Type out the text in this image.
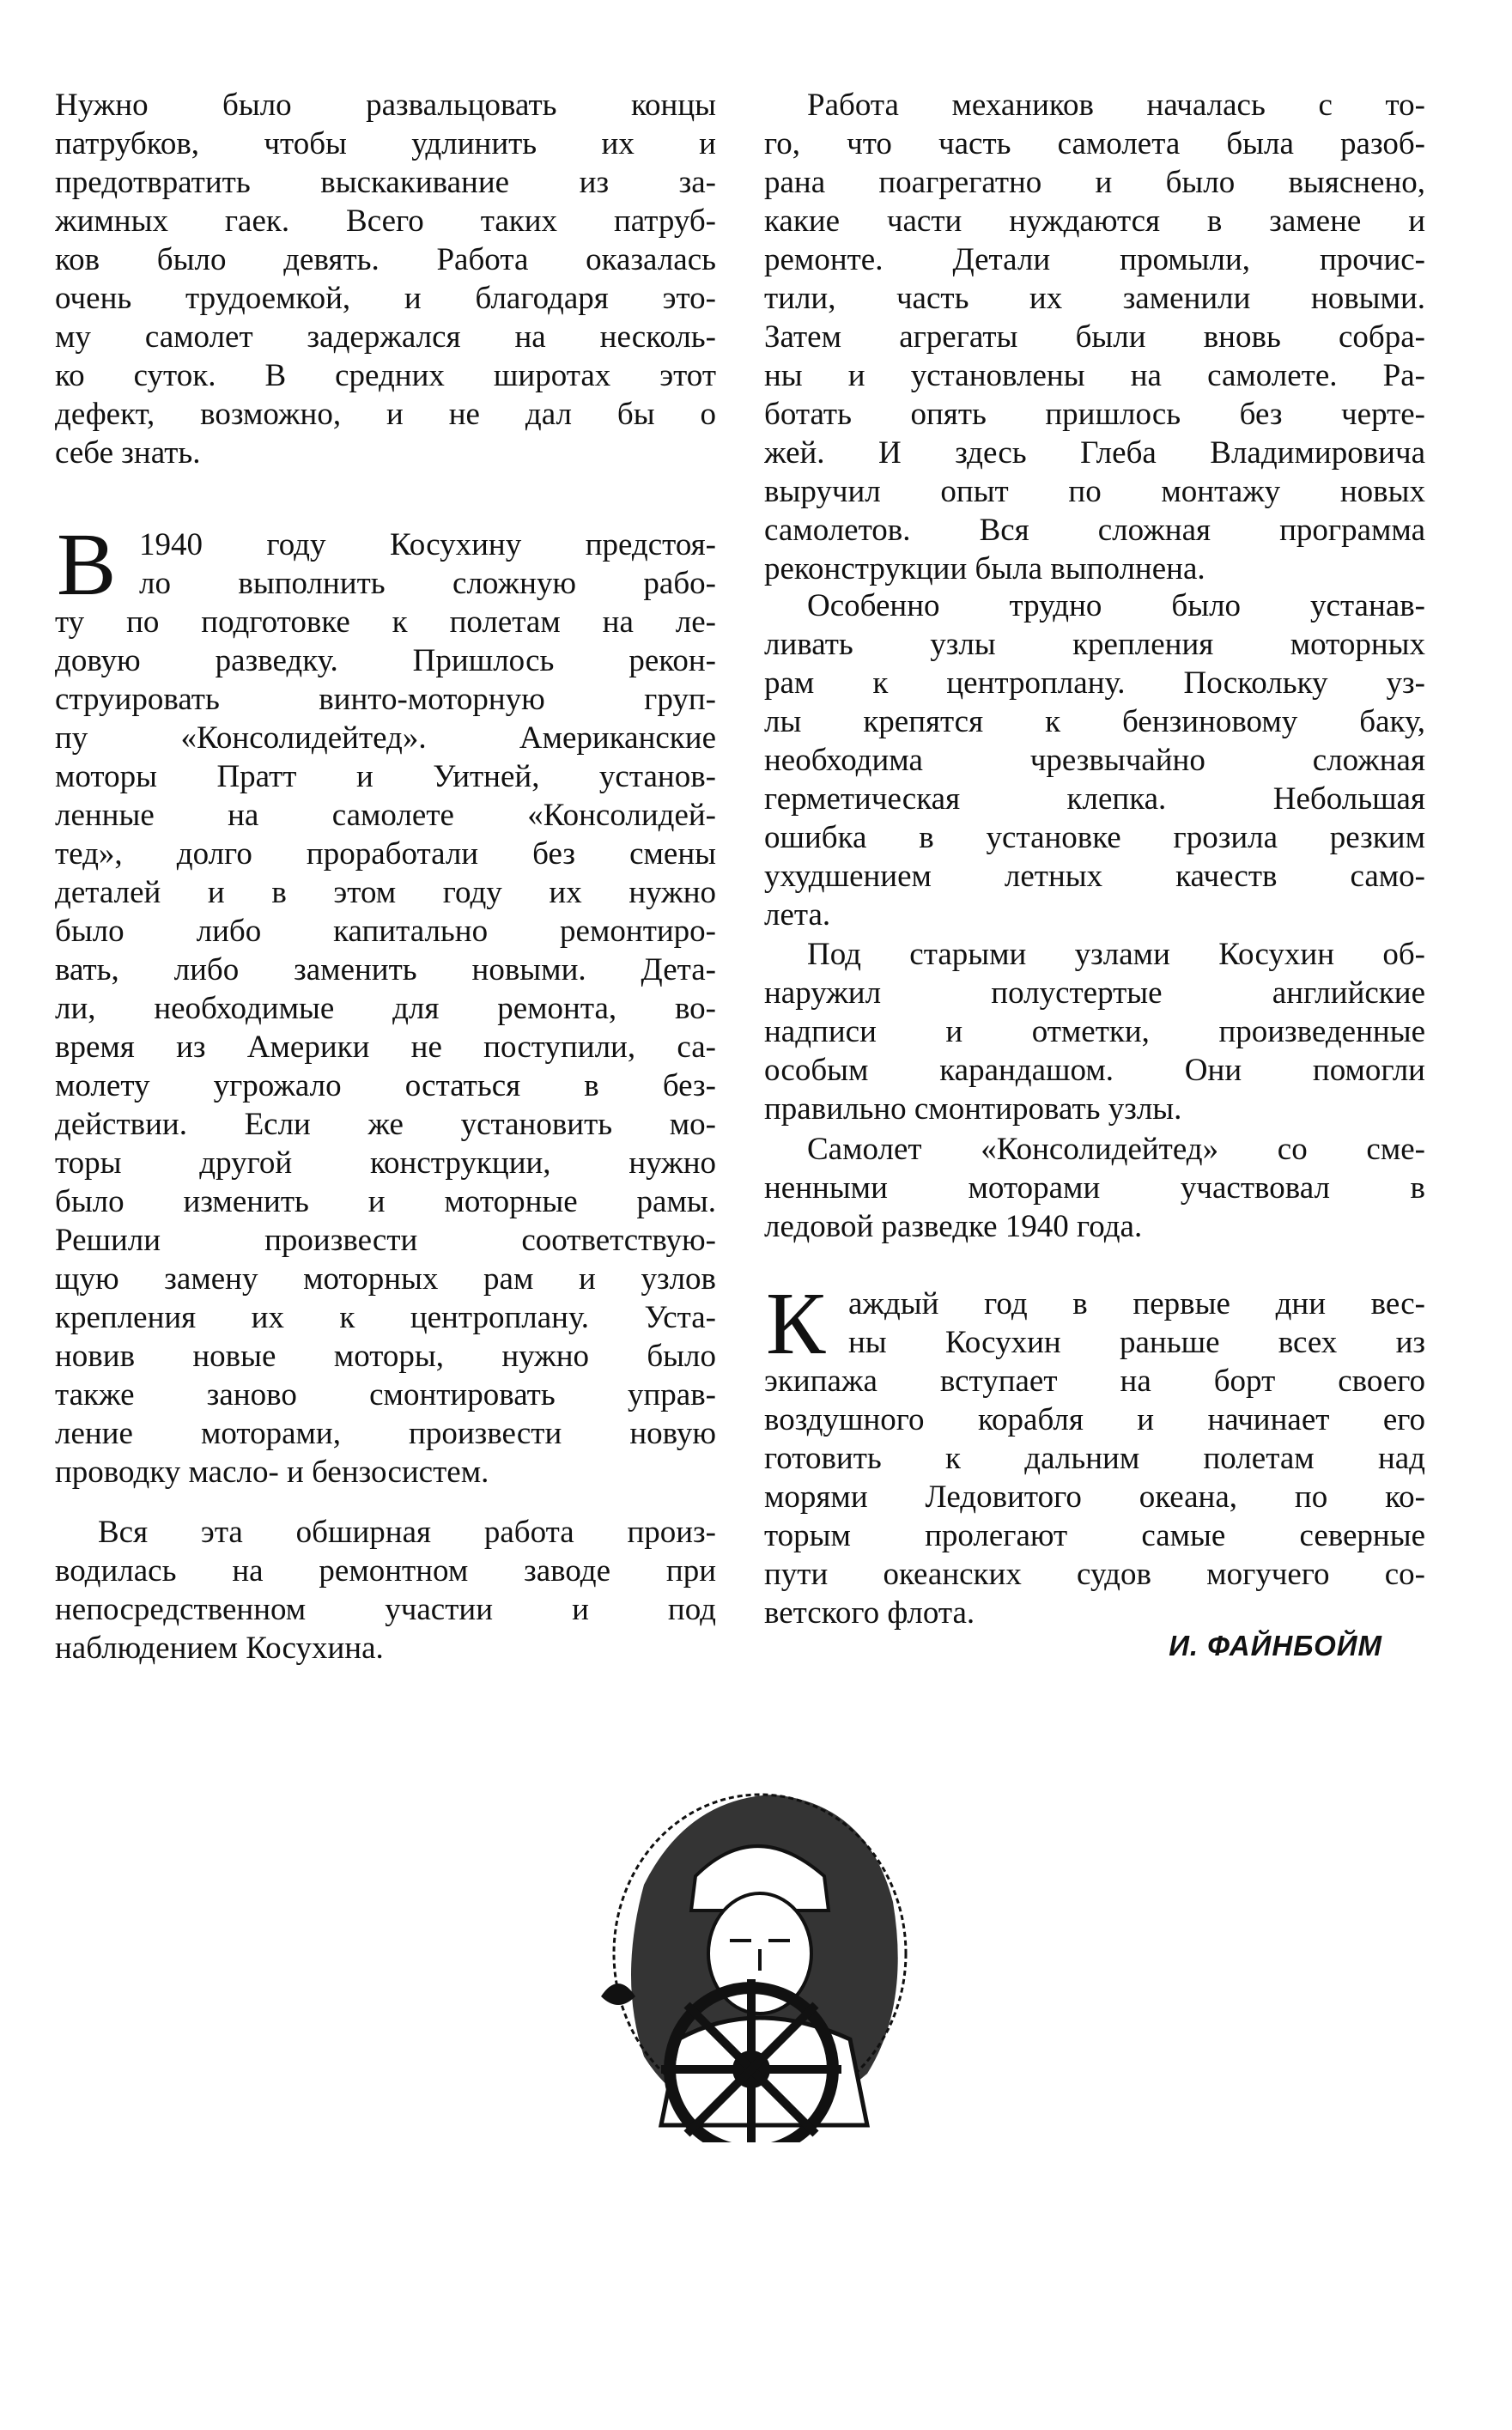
Нужно было развальцовать концы
патрубков, чтобы удлинить их и
предотвратить выскакивание из за-
жимных гаек. Всего таких патруб-
ков было девять. Работа оказалась
очень трудоемкой, и благодаря это-
му самолет задержался на несколь-
ко суток. В средних широтах этот
дефект, возможно, и не дал бы о
себе знать.
В 1940 году Косухину предстоя-
ло выполнить сложную рабо-
ту по подготовке к полетам на ле-
довую разведку. Пришлось рекон-
струировать винто-моторную груп-
пу «Консолидейтед». Американские
моторы Пратт и Уитней, установ-
ленные на самолете «Консолидей-
тед», долго проработали без смены
деталей и в этом году их нужно
было либо капитально ремонтиро-
вать, либо заменить новыми. Дета-
ли, необходимые для ремонта, во-
время из Америки не поступили, са-
молету угрожало остаться в без-
действии. Если же установить мо-
торы другой конструкции, нужно
было изменить и моторные рамы.
Решили произвести соответствую-
щую замену моторных рам и узлов
крепления их к центроплану. Уста-
новив новые моторы, нужно было
также заново смонтировать управ-
ление моторами, произвести новую
проводку масло- и бензосистем.
Вся эта обширная работа произ-
водилась на ремонтном заводе при
непосредственном участии и под
наблюдением Косухина.
Работа механиков началась с то-
го, что часть самолета была разоб-
рана поагрегатно и было выяснено,
какие части нуждаются в замене и
ремонте. Детали промыли, прочис-
тили, часть их заменили новыми.
Затем агрегаты были вновь собра-
ны и установлены на самолете. Ра-
ботать опять пришлось без черте-
жей. И здесь Глеба Владимировича
выручил опыт по монтажу новых
самолетов. Вся сложная программа
реконструкции была выполнена.
Особенно трудно было устанав-
ливать узлы крепления моторных
рам к центроплану. Поскольку уз-
лы крепятся к бензиновому баку,
необходима чрезвычайно сложная
герметическая клепка. Небольшая
ошибка в установке грозила резким
ухудшением летных качеств само-
лета.
Под старыми узлами Косухин об-
наружил полустертые английские
надписи и отметки, произведенные
особым карандашом. Они помогли
правильно смонтировать узлы.
Самолет «Консолидейтед» со сме-
ненными моторами участвовал в
ледовой разведке 1940 года.
К аждый год в первые дни вес-
ны Косухин раньше всех из
экипажа вступает на борт своего
воздушного корабля и начинает его
готовить к дальним полетам над
морями Ледовитого океана, по ко-
торым пролегают самые северные
пути океанских судов могучего со-
ветского флота.
И. ФАЙНБОЙМ
